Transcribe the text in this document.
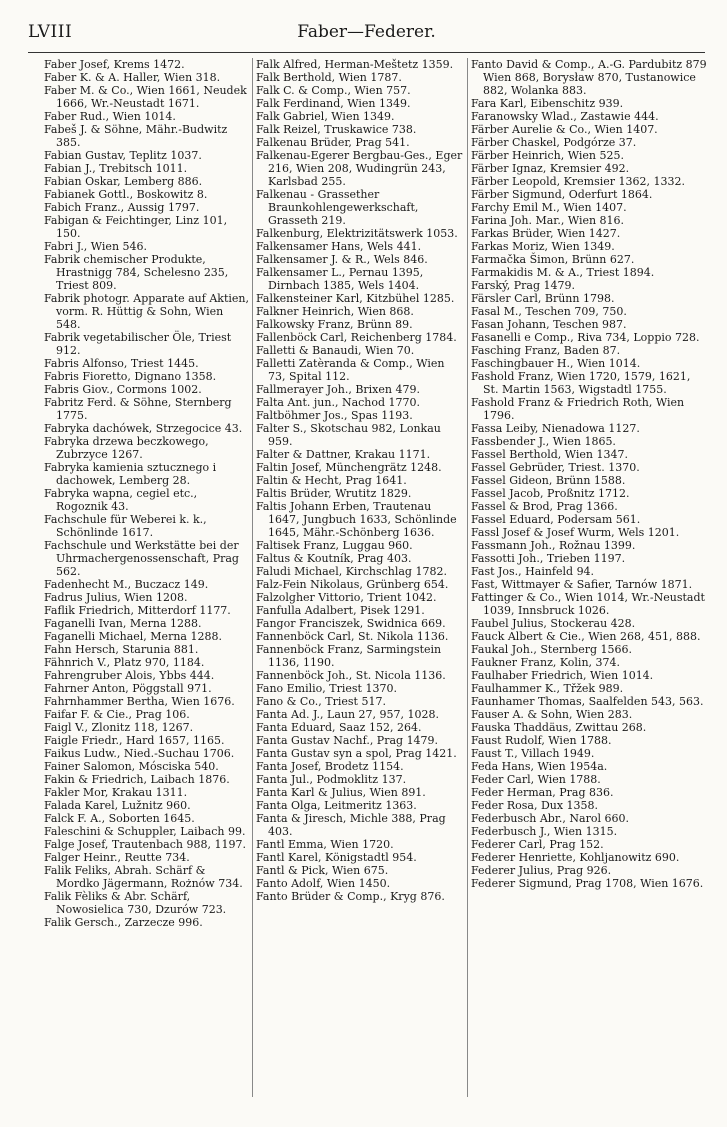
LVIII	Faber—Federer.

Faber Josef, Krems 1472.

Faber K. & A. Haller, Wien 318.

Faber M. & Co., Wien 1661, Neudek 1666, Wr.-Neustadt 1671.

Faber Rud., Wien 1014.

Fabeš J. & Söhne, Mähr.-Budwitz 385.

Fabian Gustav, Teplitz 1037.

Fabian J., Trebitsch 1011.

Fabian Oskar, Lemberg 886.

Fabianek Gottl., Boskowitz 8.

Fabich Franz., Aussig 1797.

Fabigan & Feichtinger, Linz 101, 150.

Fabri J., Wien 546.

Fabrik chemischer Produkte, Hrastnigg 784, Schelesno 235, Triest 809.

Fabrik photogr. Apparate auf Aktien, vorm. R. Hüttig & Sohn, Wien 548.

Fabrik vegetabilischer Öle, Triest 912.

Fabris Alfonso, Triest 1445.

Fabris Fioretto, Dignano 1358.

Fabris Giov., Cormons 1002.

Fabritz Ferd. & Söhne, Sternberg 1775.

Fabryka dachówek, Strzegocice 43.

Fabryka drzewa beczkowego, Zubrzyce 1267.

Fabryka kamienia sztucznego i dachowek, Lemberg 28.

Fabryka wapna, cegiel etc., Rogoznik 43.

Fachschule für Weberei k. k., Schönlinde 1617.

Fachschule und Werkstätte bei der Uhrmachergenossenschaft, Prag 562.

Fadenhecht M., Buczacz 149.

Fadrus Julius, Wien 1208.

Faflik Friedrich, Mitterdorf 1177.

Faganelli Ivan, Merna 1288.

Faganelli Michael, Merna 1288.

Fahn Hersch, Starunia 881.

Fähnrich V., Platz 970, 1184.

Fahrengruber Alois, Ybbs 444.

Fahrner Anton, Pöggstall 971.

Fahrnhammer Bertha, Wien 1676.

Faifar F. & Cie., Prag 106.

Faigl V., Zlonitz 118, 1267.

Faigle Friedr., Hard 1657, 1165.

Faikus Ludw., Nied.-Suchau 1706.

Fainer Salomon, Mósciska 540.

Fakin & Friedrich, Laibach 1876.

Fakler Mor, Krakau 1311.

Falada Karel, Lužnitz 960.

Falck F. A., Soborten 1645.

Faleschini & Schuppler, Laibach 99.

Falge Josef, Trautenbach 988, 1197.

Falger Heinr., Reutte 734.

Falik Feliks, Abrah. Schärf & Mordko Jägermann, Rożnów 734.

Falik Fèliks & Abr. Schärf, Nowosielica 730, Dzurów 723.

Falik Gersch., Zarzecze 996.

Falk Alfred, Herman-Meštetz 1359.

Falk Berthold, Wien 1787.

Falk C. & Comp., Wien 757.

Falk Ferdinand, Wien 1349.

Falk Gabriel, Wien 1349.

Falk Reizel, Truskawice 738.

Falkenau Brüder, Prag 541.

Falkenau-Egerer Bergbau-Ges., Eger 216, Wien 208, Wudingrün 243, Karlsbad 255.

Falkenau - Grassether Braunkohlengewerkschaft, Grasseth 219.

Falkenburg, Elektrizitätswerk 1053.

Falkensamer Hans, Wels 441.

Falkensamer J. & R., Wels 846.

Falkensamer L., Pernau 1395, Dirnbach 1385, Wels 1404.

Falkensteiner Karl, Kitzbühel 1285.

Falkner Heinrich, Wien 868.

Falkowsky Franz, Brünn 89.

Fallenböck Carl, Reichenberg 1784.

Falletti & Banaudi, Wien 70.

Falletti Zatèranda & Comp., Wien 73, Spital 112.

Fallmerayer Joh., Brixen 479.

Falta Ant. jun., Nachod 1770.

Faltböhmer Jos., Spas 1193.

Falter S., Skotschau 982, Lonkau 959.

Falter & Dattner, Krakau 1171.

Faltin Josef, Münchengrätz 1248.

Faltin & Hecht, Prag 1641.

Faltis Brüder, Wrutitz 1829.

Faltis Johann Erben, Trautenau 1647, Jungbuch 1633, Schönlinde 1645, Mähr.-Schönberg 1636.

Faltisek Franz, Luggau 960.

Faltus & Koutník, Prag 403.

Faludi Michael, Kirchschlag 1782.

Falz-Fein Nikolaus, Grünberg 654.

Falzolgher Vittorio, Trient 1042.

Fanfulla Adalbert, Pisek 1291.

Fangor Franciszek, Swidnica 669.

Fannenböck Carl, St. Nikola 1136.

Fannenböck Franz, Sarmingstein 1136, 1190.

Fannenböck Joh., St. Nicola 1136.

Fano Emilio, Triest 1370.

Fano & Co., Triest 517.

Fanta Ad. J., Laun 27, 957, 1028.

Fanta Eduard, Saaz 152, 264.

Fanta Gustav Nachf., Prag 1479.

Fanta Gustav syn a spol, Prag 1421.

Fanta Josef, Brodetz 1154.

Fanta Jul., Podmoklitz 137.

Fanta Karl & Julius, Wien 891.

Fanta Olga, Leitmeritz 1363.

Fanta & Jiresch, Michle 388, Prag 403.

Fantl Emma, Wien 1720.

Fantl Karel, Königstadtl 954.

Fantl & Pick, Wien 675.

Fanto Adolf, Wien 1450.

Fanto Brüder & Comp., Kryg 876.

Fanto David & Comp., A.-G. Pardubitz 879 Wien 868, Borysław 870, Tustanowice 882, Wolanka 883.

Fara Karl, Eibenschitz 939.

Faranowsky Wlad., Zastawie 444.

Färber Aurelie & Co., Wien 1407.

Färber Chaskel, Podgórze 37.

Färber Heinrich, Wien 525.

Färber Ignaz, Kremsier 492.

Färber Leopold, Kremsier 1362, 1332.

Färber Sigmund, Oderfurt 1864.

Farchy Emil M., Wien 1407.

Farina Joh. Mar., Wien 816.

Farkas Brüder, Wien 1427.

Farkas Moriz, Wien 1349.

Farmačka Šimon, Brünn 627.

Farmakidis M. & A., Triest 1894.

Farský, Prag 1479.

Färsler Carl, Brünn 1798.

Fasal M., Teschen 709, 750.

Fasan Johann, Teschen 987.

Fasanelli e Comp., Riva 734, Loppio 728.

Fasching Franz, Baden 87.

Faschingbauer H., Wien 1014.

Fashold Franz, Wien 1720, 1579, 1621, St. Martin 1563, Wigstadtl 1755.

Fashold Franz & Friedrich Roth, Wien 1796.

Fassa Leiby, Nienadowa 1127.

Fassbender J., Wien 1865.

Fassel Berthold, Wien 1347.

Fassel Gebrüder, Triest. 1370.

Fassel Gideon, Brünn 1588.

Fassel Jacob, Proßnitz 1712.

Fassel & Brod, Prag 1366.

Fassel Eduard, Podersam 561.

Fassl Josef & Josef Wurm, Wels 1201.

Fassmann Joh., Rožnau 1399.

Fassotti Joh., Trieben 1197.

Fast Jos., Hainfeld 94.

Fast, Wittmayer & Safier, Tarnów 1871.

Fattinger & Co., Wien 1014, Wr.-Neustadt 1039, Innsbruck 1026.

Faubel Julius, Stockerau 428.

Fauck Albert & Cie., Wien 268, 451, 888.

Faukal Joh., Sternberg 1566.

Faukner Franz, Kolin, 374.

Faulhaber Friedrich, Wien 1014.

Faulhammer K., Třžek 989.

Faunhamer Thomas, Saalfelden 543, 563.

Fauser A. & Sohn, Wien 283.

Fauska Thaddäus, Zwittau 268.

Faust Rudolf, Wien 1788.

Faust T., Villach 1949.

Feda Hans, Wien 1954a.

Feder Carl, Wien 1788.

Feder Herman, Prag 836.

Feder Rosa, Dux 1358.

Federbusch Abr., Narol 660.

Federbusch J., Wien 1315.

Federer Carl, Prag 152.

Federer Henriette, Kohljanowitz 690.

Federer Julius, Prag 926.

Federer Sigmund, Prag 1708, Wien 1676.
